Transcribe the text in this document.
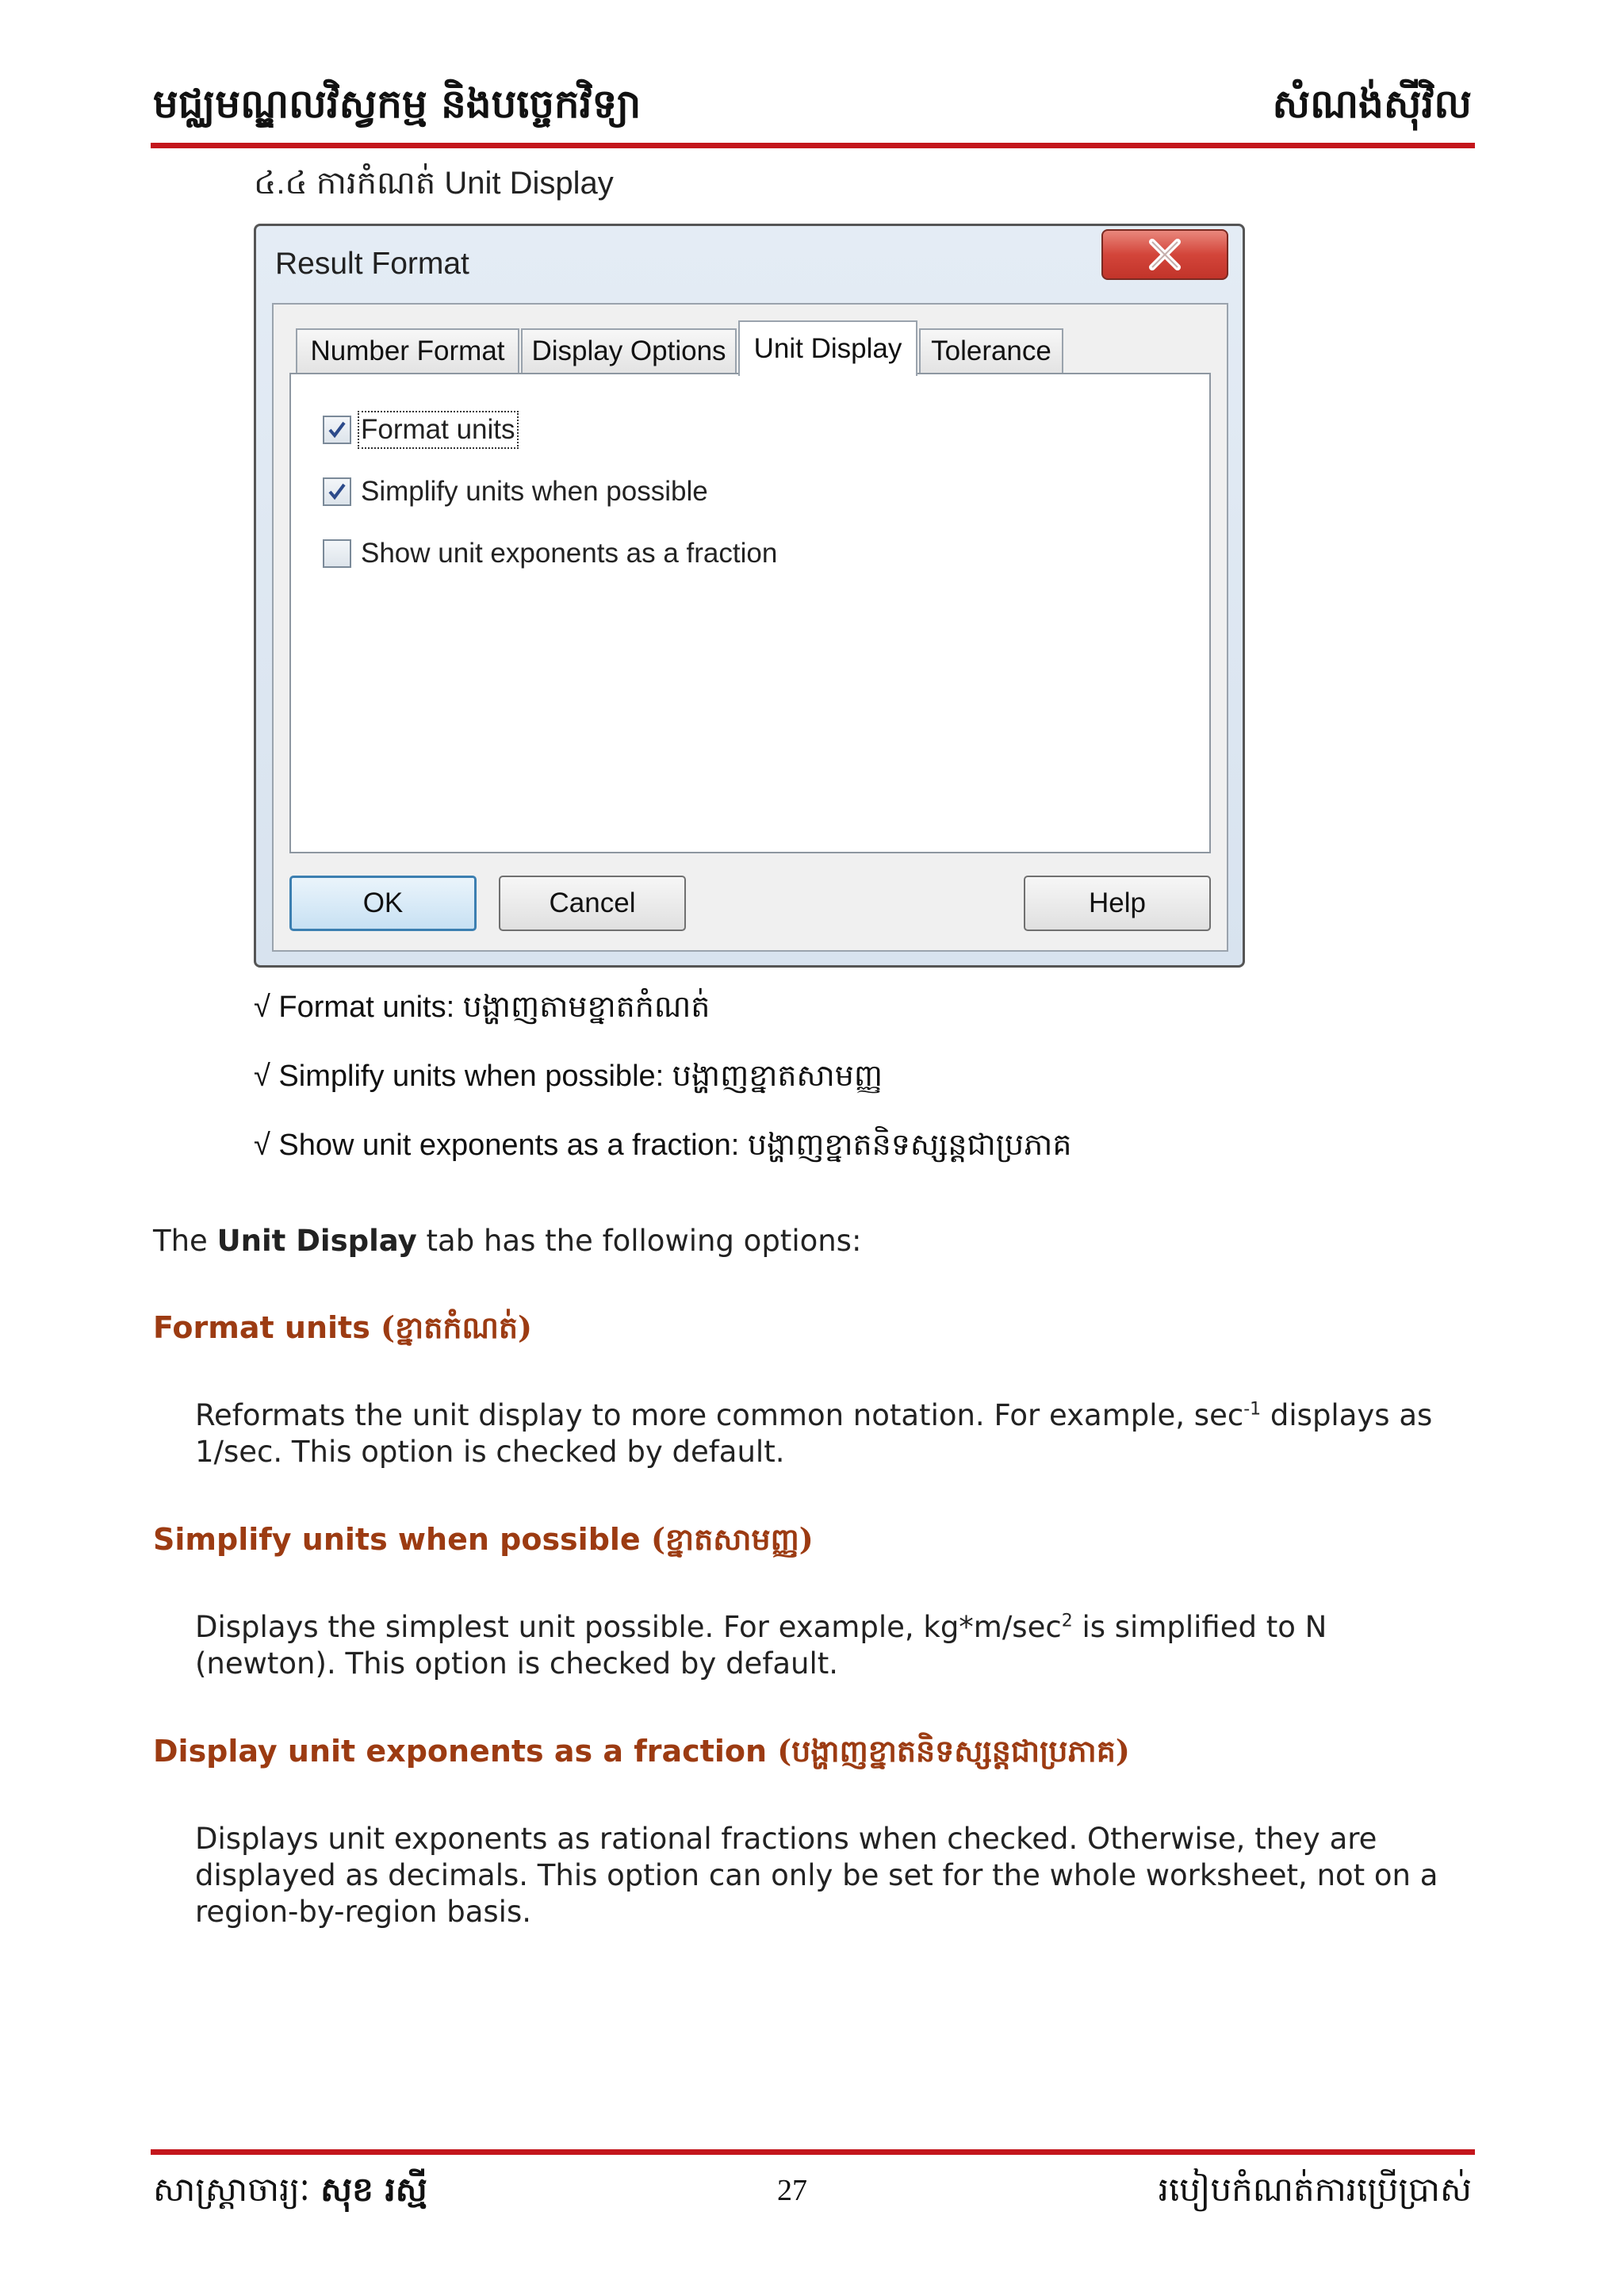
មជ្ឈមណ្ឌលវិស្វកម្ម និងបច្ចេកវិទ្យា	សំណង់ស៊ីវិល
៤.៤ ការកំណត់ Unit Display
Result Format
Number Format Display Options	Unit Display	Tolerance
Format units
Simplify units when possible
Show unit exponents as a fraction
OK	Cancel	Help
√ Format units: បង្ហាញតាមខ្នាតកំណត់
√ Simplify units when possible: បង្ហាញខ្នាតសាមញ្ញ
√ Show unit exponents as a fraction: បង្ហាញខ្នាតនិទស្សន្តជាប្រភាគ
The Unit Display tab has the following options:
Format units (ខ្នាតកំណត់)
Reformats the unit display to more common notation. For example, $\sec^{-1}$ displays as 1/sec. This option is checked by default.
Simplify units when possible (ខ្នាតសាមញ្ញ)
Displays the simplest unit possible. For example, $kg*m/\sec^2$ is simplified to N (newton). This option is checked by default.
Display unit exponents as a fraction (បង្ហាញខ្នាតនិទស្សន្តជាប្រភាគ)
Displays unit exponents as rational fractions when checked. Otherwise, they are displayed as decimals. This option can only be set for the whole worksheet, not on a region-by-region basis.
សាស្ត្រាចារ្យៈ សុខ រស្មី	27	របៀបកំណត់ការប្រើប្រាស់
